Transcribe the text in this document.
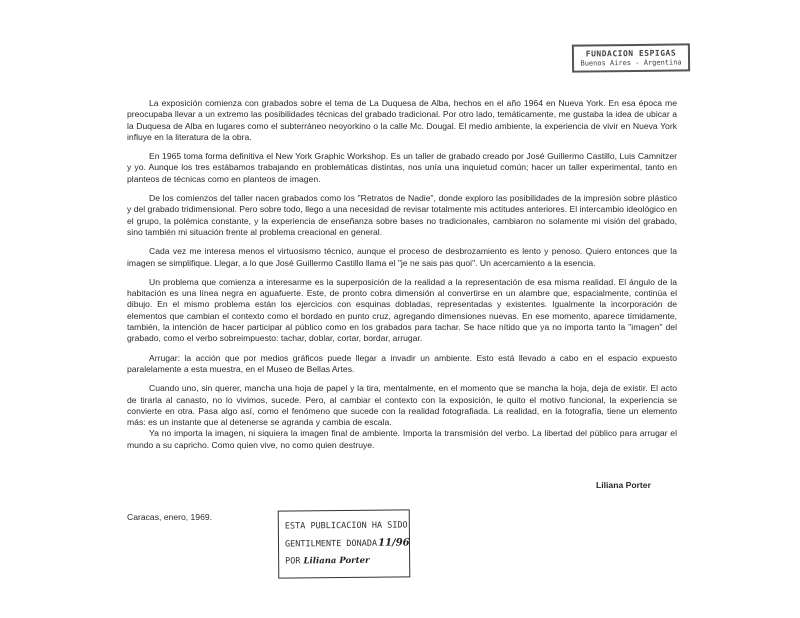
FUNDACION ESPIGAS
Buenos Aires - Argentina

La exposición comienza con grabados sobre el tema de La Duquesa de Alba, hechos en el año 1964 en Nueva York. En esa época me preocupaba llevar a un extremo las posibilidades técnicas del grabado tradicional. Por otro lado, temáticamente, me gustaba la idea de ubicar a la Duquesa de Alba en lugares como el subterráneo neoyorkino o la calle Mc. Dougal. El medio ambiente, la experiencia de vivir en Nueva York influye en la literatura de la obra.

En 1965 toma forma definitiva el New York Graphic Workshop. Es un taller de grabado creado por José Guillermo Castillo, Luis Camnitzer y yo. Aunque los tres estábamos trabajando en problemáticas distintas, nos unía una inquietud común; hacer un taller experimental, tanto en planteos de técnicas como en planteos de imagen.

De los comienzos del taller nacen grabados como los "Retratos de Nadie", donde exploro las posibilidades de la impresión sobre plástico y del grabado tridimensional. Pero sobre todo, llego a una necesidad de revisar totalmente mis actitudes anteriores. El intercambio ideológico en el grupo, la polémica constante, y la experiencia de enseñanza sobre bases no tradicionales, cambiaron no solamente mi visión del grabado, sino también mi situación frente al problema creacional en general.

Cada vez me interesa menos el virtuosismo técnico, aunque el proceso de desbrozamiento es lento y penoso. Quiero entonces que la imagen se simplifique. Llegar, a lo que José Guillermo Castillo llama el "je ne sais pas quoi". Un acercamiento a la esencia.

Un problema que comienza a interesarme es la superposición de la realidad a la representación de esa misma realidad. El ángulo de la habitación es una línea negra en aguafuerte. Este, de pronto cobra dimensión al convertirse en un alambre que, espacialmente, continúa el dibujo. En el mismo problema están los ejercicios con esquinas dobladas, representadas y existentes. Igualmente la incorporación de elementos que cambian el contexto como el bordado en punto cruz, agregando dimensiones nuevas. En ese momento, aparece tímidamente, también, la intención de hacer participar al público como en los grabados para tachar. Se hace nítido que ya no importa tanto la "imagen" del grabado, como el verbo sobreimpuesto: tachar, doblar, cortar, bordar, arrugar.

Arrugar: la acción que por medios gráficos puede llegar a invadir un ambiente. Esto está llevado a cabo en el espacio expuesto paralelamente a esta muestra, en el Museo de Bellas Artes.

Cuando uno, sin querer, mancha una hoja de papel y la tira, mentalmente, en el momento que se mancha la hoja, deja de existir. El acto de tirarla al canasto, no lo vivimos, sucede. Pero, al cambiar el contexto con la exposición, le quito el motivo funcional, la experiencia se convierte en otra. Pasa algo así, como el fenómeno que sucede con la realidad fotografiada. La realidad, en la fotografía, tiene un elemento más: es un instante que al detenerse se agranda y cambia de escala.

Ya no importa la imagen, ni siquiera la imagen final de ambiente. Importa la transmisión del verbo. La libertad del público para arrugar el mundo a su capricho. Como quien vive, no como quien destruye.

Liliana Porter
Caracas, enero, 1969.
ESTA PUBLICACION HA SIDO
GENTILMENTE DONADA11/96
POR Liliana Porter
